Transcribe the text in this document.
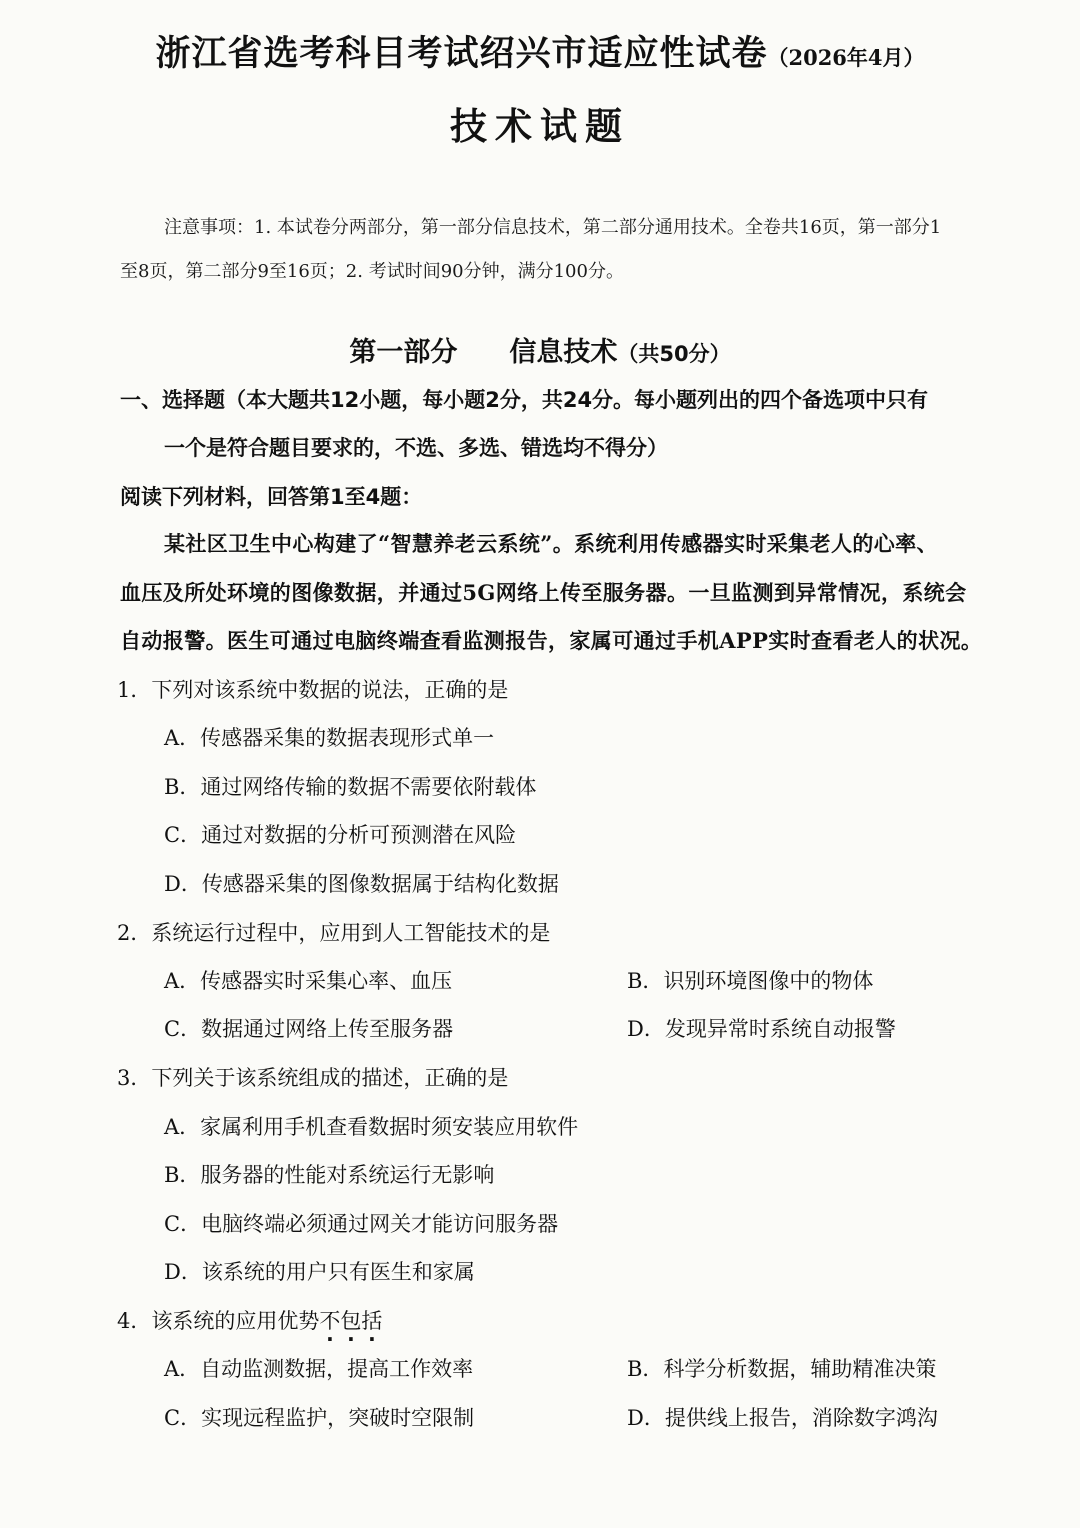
浙江省选考科目考试绍兴市适应性试卷（2026年4月）
技术试题
注意事项：1. 本试卷分两部分，第一部分信息技术，第二部分通用技术。全卷共16页，第一部分1
至8页，第二部分9至16页；2. 考试时间90分钟，满分100分。
第一部分 信息技术（共50分）
一、选择题（本大题共12小题，每小题2分，共24分。每小题列出的四个备选项中只有
一个是符合题目要求的，不选、多选、错选均不得分）
阅读下列材料，回答第1至4题：
某社区卫生中心构建了“智慧养老云系统”。系统利用传感器实时采集老人的心率、
血压及所处环境的图像数据，并通过5G网络上传至服务器。一旦监测到异常情况，系统会
自动报警。医生可通过电脑终端查看监测报告，家属可通过手机APP实时查看老人的状况。
1．下列对该系统中数据的说法，正确的是
A．传感器采集的数据表现形式单一
B．通过网络传输的数据不需要依附载体
C．通过对数据的分析可预测潜在风险
D．传感器采集的图像数据属于结构化数据
2．系统运行过程中，应用到人工智能技术的是
A．传感器实时采集心率、血压	B．识别环境图像中的物体
C．数据通过网络上传至服务器	D．发现异常时系统自动报警
3．下列关于该系统组成的描述，正确的是
A．家属利用手机查看数据时须安装应用软件
B．服务器的性能对系统运行无影响
C．电脑终端必须通过网关才能访问服务器
D．该系统的用户只有医生和家属
4．该系统的应用优势不包括
A．自动监测数据，提高工作效率	B．科学分析数据，辅助精准决策
C．实现远程监护，突破时空限制	D．提供线上报告，消除数字鸿沟
